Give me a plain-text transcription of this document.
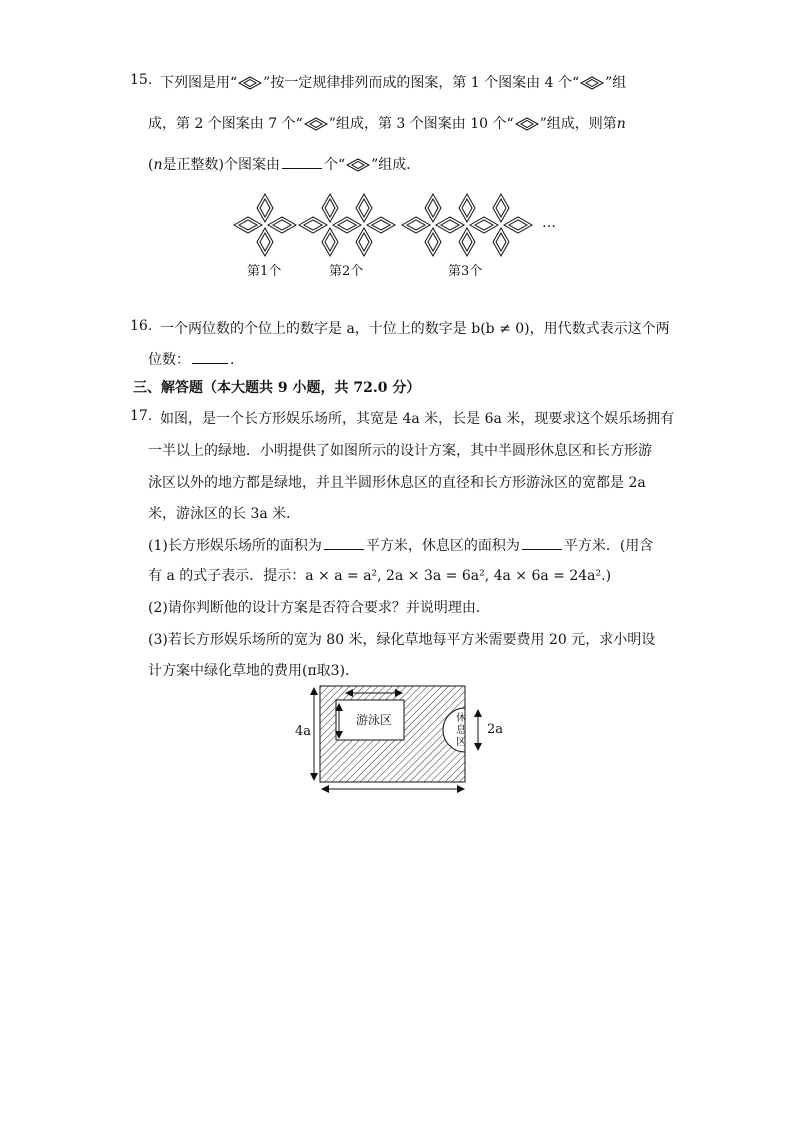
15. 下列图是用“ ”按一定规律排列而成的图案，第 1 个图案由 4 个“ ”组
成，第 2 个图案由 7 个“ ”组成，第 3 个图案由 10 个“ ”组成，则第n
(n是正整数)个图案由	个“ ”组成．
…
第1个	第2个	第3个
16. 一个两位数的个位上的数字是 a，十位上的数字是 b(b ≠ 0)，用代数式表示这个两
位数：	．
三、解答题（本大题共 9 小题，共 72.0 分）
17. 如图，是一个长方形娱乐场所，其宽是 4a 米，长是 6a 米，现要求这个娱乐场拥有
一半以上的绿地．小明提供了如图所示的设计方案，其中半圆形休息区和长方形游
泳区以外的地方都是绿地，并且半圆形休息区的直径和长方形游泳区的宽都是 2a
米，游泳区的长 3a 米．
(1)长方形娱乐场所的面积为	平方米，休息区的面积为	平方米．(用含
有 a 的式子表示．提示：a × a = a², 2a × 3a = 6a², 4a × 6a = 24a².)
(2)请你判断他的设计方案是否符合要求？并说明理由．
(3)若长方形娱乐场所的宽为 80 米，绿化草地每平方米需要费用 20 元，求小明设
计方案中绿化草地的费用(π取3)．
游泳区	休
息
区
4a	2a
